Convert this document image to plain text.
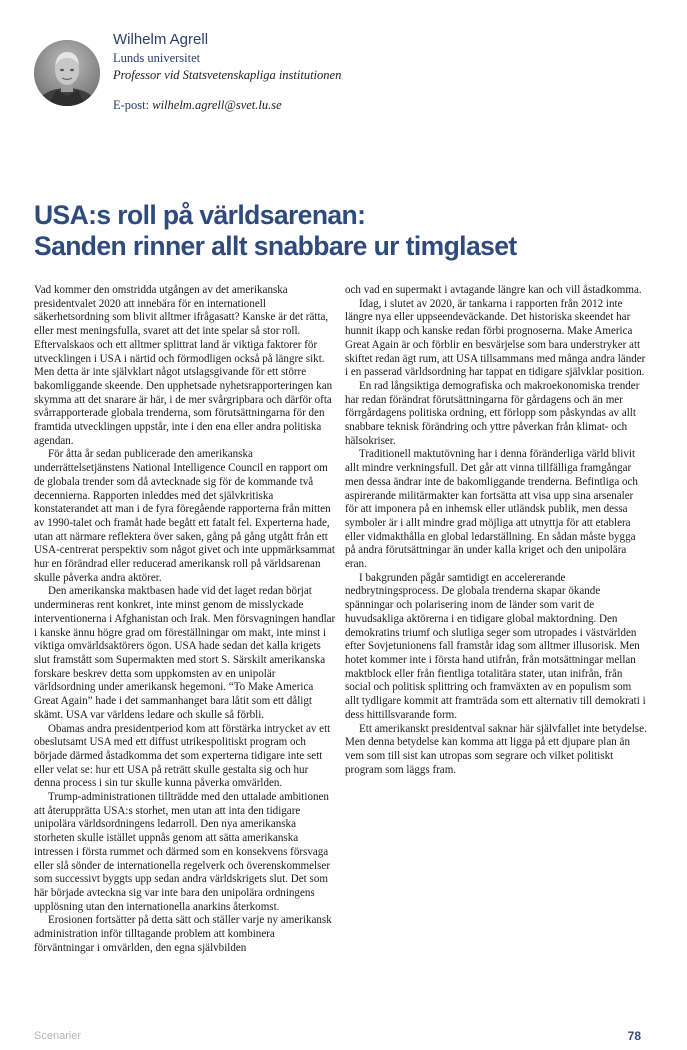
Wilhelm Agrell
Lunds universitet
Professor vid Statsvetenskapliga institutionen
E-post: wilhelm.agrell@svet.lu.se
USA:s roll på världsarenan:
Sanden rinner allt snabbare ur timglaset

Vad kommer den omstridda utgången av det amerikanska presidentvalet 2020 att innebära för en internationell säkerhetsordning som blivit alltmer ifrågasatt? Kanske är det rätta, eller mest meningsfulla, svaret att det inte spelar så stor roll. Eftervalskaos och ett alltmer splittrat land är viktiga faktorer för utvecklingen i USA i närtid och förmodligen också på längre sikt. Men detta är inte självklart något utslagsgivande för ett större bakomliggande skeende. Den upphetsade nyhetsrapporteringen kan skymma att det snarare är här, i de mer svårgripbara och därför ofta svårrapporterade globala trenderna, som förutsättningarna för den framtida utvecklingen uppstår, inte i den ena eller andra politiska agendan.

För åtta år sedan publicerade den amerikanska underrättelsetjänstens National Intelligence Council en rapport om de globala trender som då avtecknade sig för de kommande två decennierna. Rapporten inleddes med det självkritiska konstaterandet att man i de fyra föregående rapporterna från mitten av 1990-talet och framåt hade begått ett fatalt fel. Experterna hade, utan att närmare reflektera över saken, gång på gång utgått från ett USA-centrerat perspektiv som något givet och inte uppmärksammat hur en förändrad eller reducerad amerikansk roll på världsarenan skulle påverka andra aktörer.

Den amerikanska maktbasen hade vid det laget redan börjat undermineras rent konkret, inte minst genom de misslyckade interventionerna i Afghanistan och Irak. Men försvagningen handlar i kanske ännu högre grad om föreställningar om makt, inte minst i viktiga omvärldsaktörers ögon. USA hade sedan det kalla krigets slut framstått som Supermakten med stort S. Särskilt amerikanska forskare beskrev detta som uppkomsten av en unipolär världsordning under amerikansk hegemoni. “To Make America Great Again” hade i det sammanhanget bara låtit som ett dåligt skämt. USA var världens ledare och skulle så förbli.

Obamas andra presidentperiod kom att förstärka intrycket av ett obeslutsamt USA med ett diffust utrikespolitiskt program och började därmed åstadkomma det som experterna tidigare inte sett eller velat se: hur ett USA på reträtt skulle gestalta sig och hur denna process i sin tur skulle kunna påverka omvärlden.

Trump-administrationen tillträdde med den uttalade ambitionen att återupprätta USA:s storhet, men utan att inta den tidigare unipolära världsordningens ledarroll. Den nya amerikanska storheten skulle istället uppnås genom att sätta amerikanska intressen i första rummet och därmed som en konsekvens försvaga eller slå sönder de internationella regelverk och överenskommelser som successivt byggts upp sedan andra världskrigets slut. Det som här började avteckna sig var inte bara den unipolära ordningens upplösning utan den internationella anarkins återkomst.

Erosionen fortsätter på detta sätt och ställer varje ny amerikansk administration inför tilltagande problem att kombinera förväntningar i omvärlden, den egna självbilden

och vad en supermakt i avtagande längre kan och vill åstadkomma.

Idag, i slutet av 2020, är tankarna i rapporten från 2012 inte längre nya eller uppseendeväckande. Det historiska skeendet har hunnit ikapp och kanske redan förbi prognoserna. Make America Great Again är och förblir en besvärjelse som bara understryker att skiftet redan ägt rum, att USA tillsammans med många andra länder i en passerad världsordning har tappat en tidigare självklar position.

En rad långsiktiga demografiska och makroekonomiska trender har redan förändrat förutsättningarna för gårdagens och än mer förrgårdagens politiska ordning, ett förlopp som påskyndas av allt snabbare teknisk förändring och yttre påverkan från klimat- och hälsokriser.

Traditionell maktutövning har i denna föränderliga värld blivit allt mindre verkningsfull. Det går att vinna tillfälliga framgångar men dessa ändrar inte de bakomliggande trenderna. Befintliga och aspirerande militärmakter kan fortsätta att visa upp sina arsenaler för att imponera på en inhemsk eller utländsk publik, men dessa symboler är i allt mindre grad möjliga att utnyttja för att etablera eller vidmakthålla en global ledarställning. En sådan måste bygga på andra förutsättningar än under kalla kriget och den unipolära eran.

I bakgrunden pågår samtidigt en accelererande nedbrytningsprocess. De globala trenderna skapar ökande spänningar och polarisering inom de länder som varit de huvudsakliga aktörerna i en tidigare global maktordning. Den demokratins triumf och slutliga seger som utropades i västvärlden efter Sovjetunionens fall framstår idag som alltmer illusorisk. Men hotet kommer inte i första hand utifrån, från motsättningar mellan maktblock eller från fientliga totalitära stater, utan inifrån, från social och politisk splittring och framväxten av en populism som allt tydligare kommit att framträda som ett alternativ till demokrati i dess hittillsvarande form.

Ett amerikanskt presidentval saknar här självfallet inte betydelse. Men denna betydelse kan komma att ligga på ett djupare plan än vem som till sist kan utropas som segrare och vilket politiskt program som läggs fram.

Scenarier	78
